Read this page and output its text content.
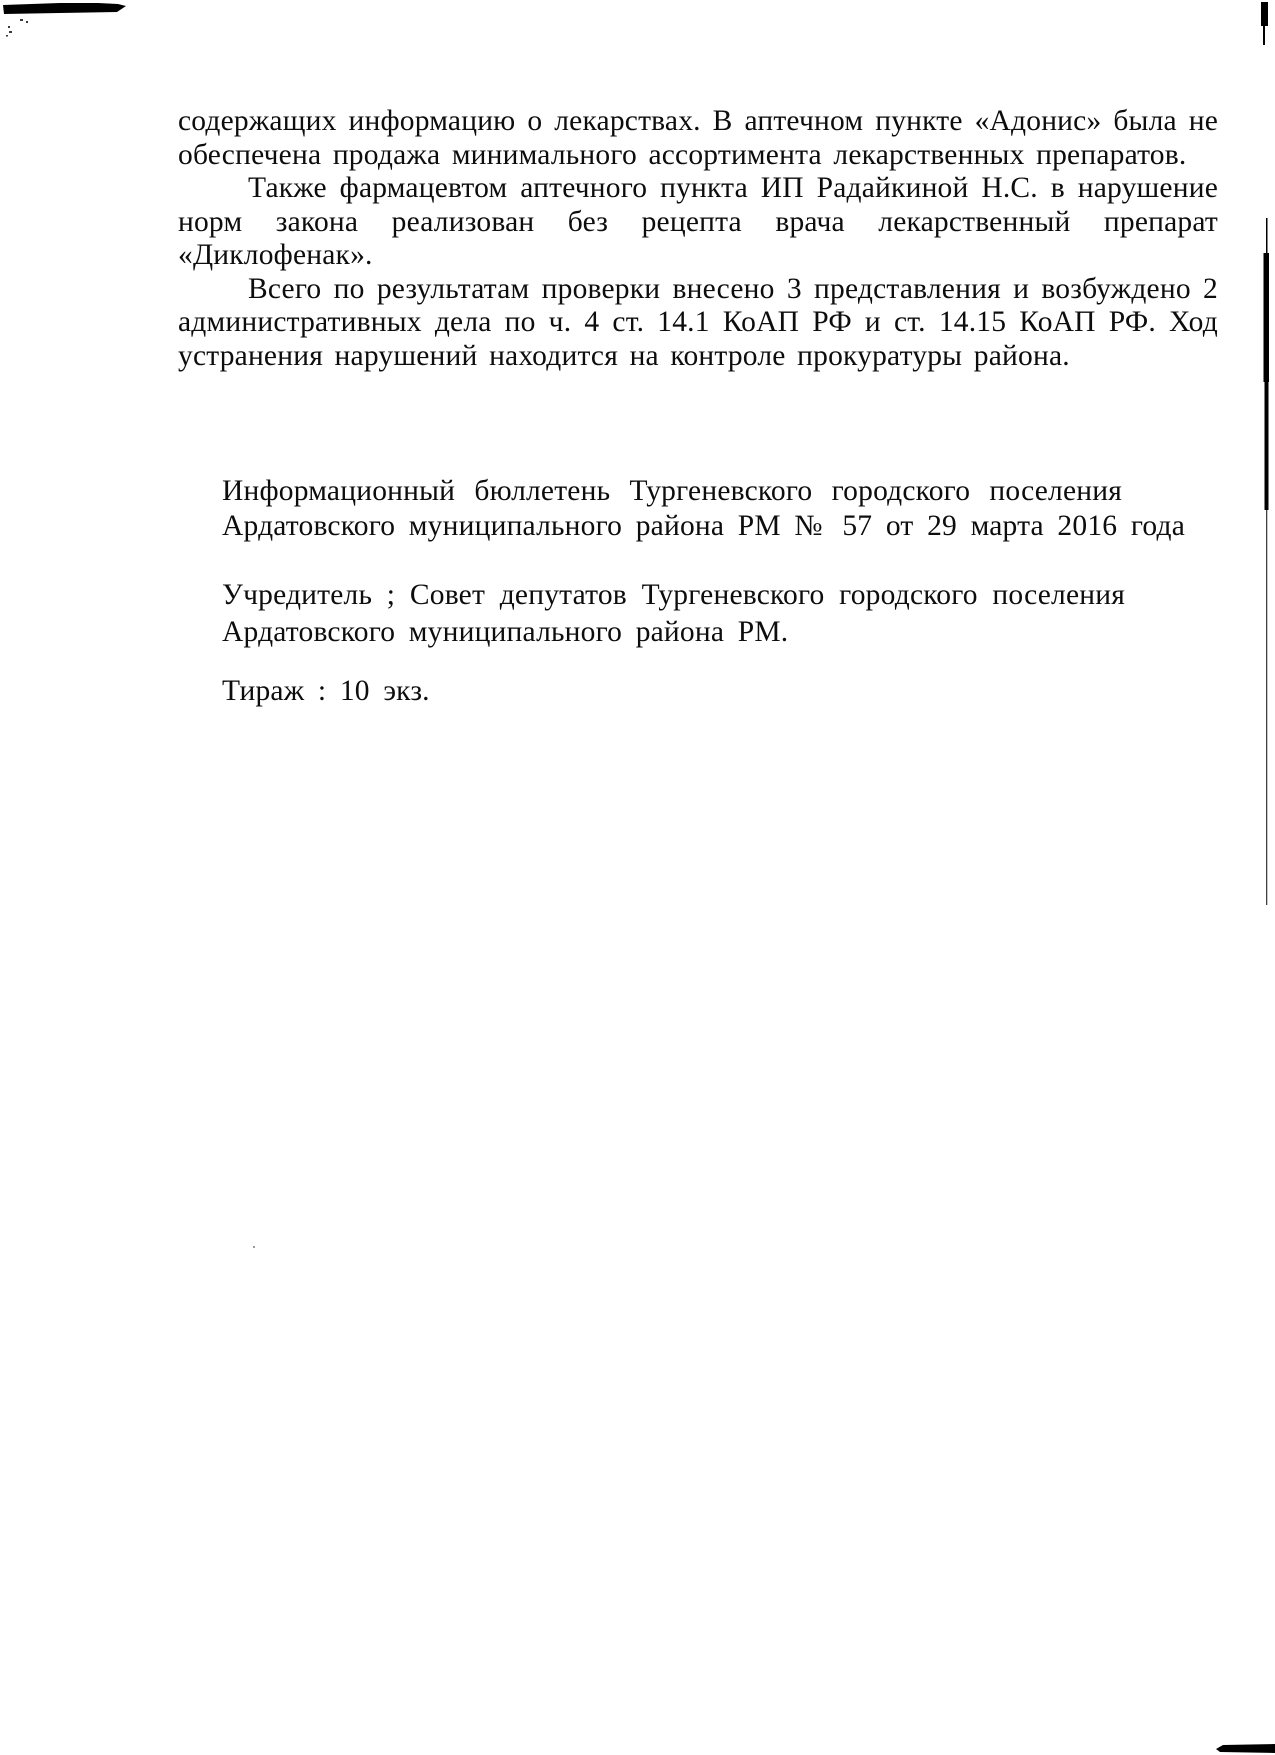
содержащих информацию о лекарствах. В аптечном пункте «Адонис» была не
обеспечена продажа минимального ассортимента лекарственных препаратов.
Также фармацевтом аптечного пункта ИП Радайкиной Н.С. в нарушение
норм закона реализован без рецепта врача лекарственный препарат
«Диклофенак».
Всего по результатам проверки внесено 3 представления и возбуждено 2
административных дела по ч. 4 ст. 14.1 КоАП РФ и ст. 14.15 КоАП РФ. Ход
устранения нарушений находится на контроле прокуратуры района.
Информационный бюллетень Тургеневского городского поселения
Ардатовского муниципального района РМ № 57 от 29 марта 2016 года
Учредитель ; Совет депутатов Тургеневского городского поселения
Ардатовского муниципального района РМ.
Тираж : 10 экз.
